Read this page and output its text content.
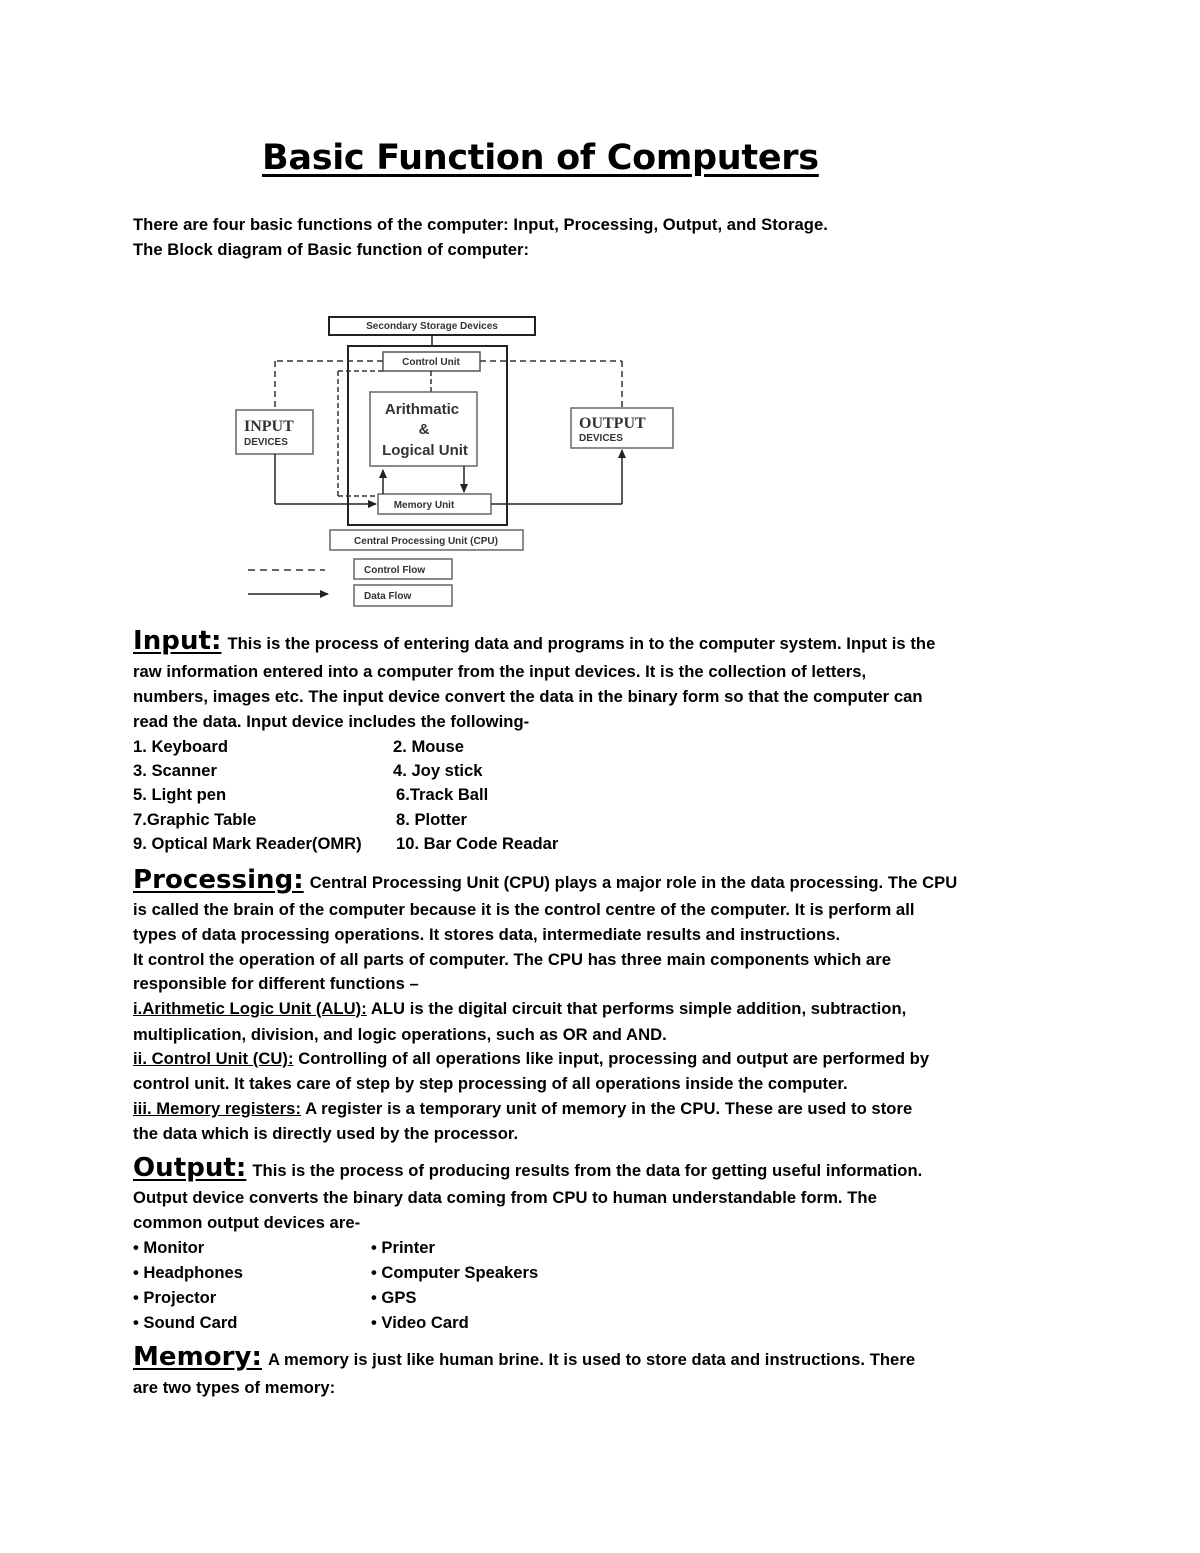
Basic Function of Computers
There are four basic functions of the computer: Input, Processing, Output, and Storage.
The Block diagram of Basic function of computer:
Secondary Storage Devices
Control Unit
Arithmatic
&
Logical Unit
INPUT
DEVICES
OUTPUT
DEVICES
Memory Unit
Central Processing Unit (CPU)
Control Flow
Data Flow
Input: This is the process of entering data and programs in to the computer system. Input is the
raw information entered into a computer from the input devices. It is the collection of letters,
numbers, images etc. The input device convert the data in the binary form so that the computer can
read the data. Input device includes the following-
1. Keyboard
3. Scanner
5. Light pen
7.Graphic Table
9. Optical Mark Reader(OMR)
2. Mouse
4. Joy stick
6.Track Ball
8. Plotter
10. Bar Code Readar
Processing: Central Processing Unit (CPU) plays a major role in the data processing. The CPU
is called the brain of the computer because it is the control centre of the computer. It is perform all
types of data processing operations. It stores data, intermediate results and instructions.
It control the operation of all parts of computer. The CPU has three main components which are
responsible for different functions –
i.Arithmetic Logic Unit (ALU): ALU is the digital circuit that performs simple addition, subtraction,
multiplication, division, and logic operations, such as OR and AND.
ii. Control Unit (CU): Controlling of all operations like input, processing and output are performed by
control unit. It takes care of step by step processing of all operations inside the computer.
iii. Memory registers: A register is a temporary unit of memory in the CPU. These are used to store
the data which is directly used by the processor.
Output: This is the process of producing results from the data for getting useful information.
Output device converts the binary data coming from CPU to human understandable form. The
common output devices are-
• Monitor
• Headphones
• Projector
• Sound Card
• Printer
• Computer Speakers
• GPS
• Video Card
Memory: A memory is just like human brine. It is used to store data and instructions. There
are two types of memory:
